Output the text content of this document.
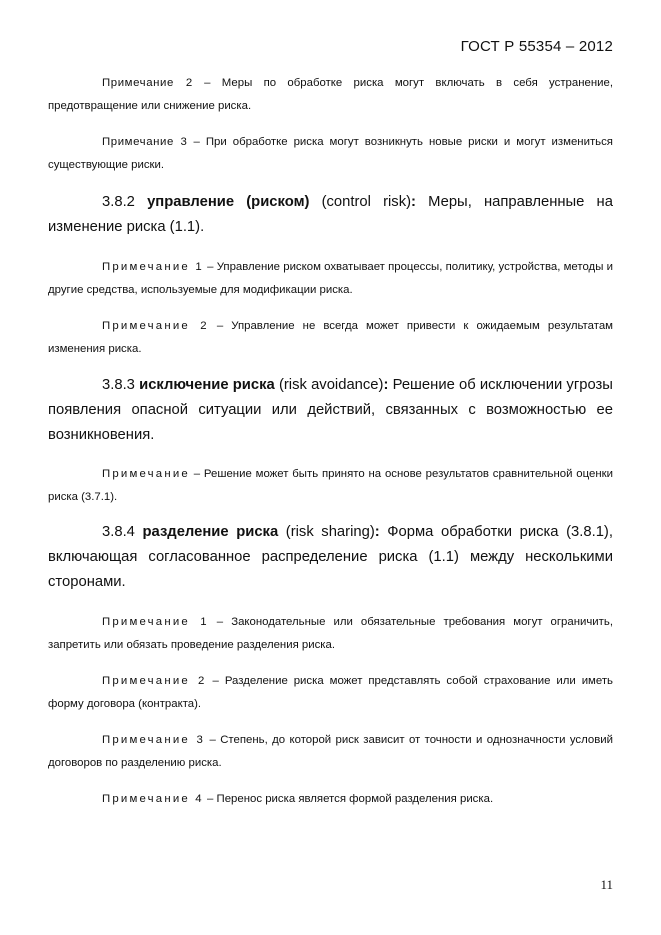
ГОСТ Р 55354 – 2012
Примечание 2 – Меры по обработке риска могут включать в себя устранение, предотвращение или снижение риска.
Примечание 3 – При обработке риска могут возникнуть новые риски и могут измениться существующие риски.
3.8.2 управление (риском) (control risk): Меры, направленные на изменение риска (1.1).
Примечание 1 – Управление риском охватывает процессы, политику, устройства, методы и другие средства, используемые для модификации риска.
Примечание 2 – Управление не всегда может привести к ожидаемым результатам изменения риска.
3.8.3 исключение риска (risk avoidance): Решение об исключении угрозы появления опасной ситуации или действий, связанных с возможностью ее возникновения.
Примечание – Решение может быть принято на основе результатов сравнительной оценки риска (3.7.1).
3.8.4 разделение риска (risk sharing): Форма обработки риска (3.8.1), включающая согласованное распределение риска (1.1) между несколькими сторонами.
Примечание 1 – Законодательные или обязательные требования могут ограничить, запретить или обязать проведение разделения риска.
Примечание 2 – Разделение риска может представлять собой страхование или иметь форму договора (контракта).
Примечание 3 – Степень, до которой риск зависит от точности и однозначности условий договоров по разделению риска.
Примечание 4 – Перенос риска является формой разделения риска.
11
